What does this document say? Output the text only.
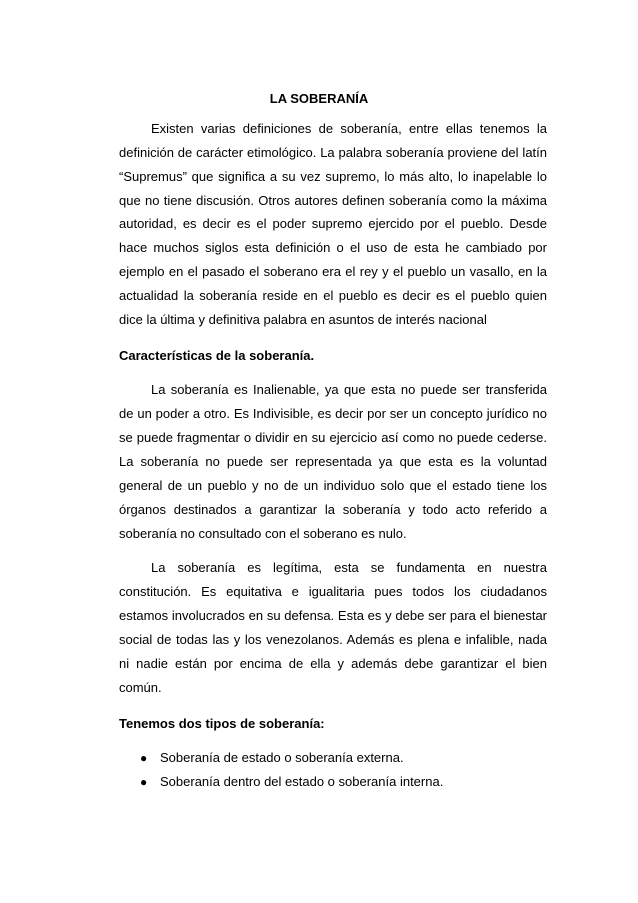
LA SOBERANÍA
Existen varias definiciones de soberanía, entre ellas tenemos la
definición de carácter etimológico. La palabra soberanía proviene del latín
“Supremus” que significa a su vez supremo, lo más alto, lo inapelable lo
que no tiene discusión. Otros autores definen soberanía como la máxima
autoridad, es decir es el poder supremo ejercido por el pueblo. Desde
hace muchos siglos esta definición o el uso de esta he cambiado por
ejemplo en el pasado el soberano era el rey y el pueblo un vasallo, en la
actualidad la soberanía reside en el pueblo es decir es el pueblo quien
dice la última y definitiva palabra en asuntos de interés nacional
Características de la soberanía.
La soberanía es Inalienable, ya que esta no puede ser transferida
de un poder a otro. Es Indivisible, es decir por ser un concepto jurídico no
se puede fragmentar o dividir en su ejercicio así como no puede cederse.
La soberanía no puede ser representada ya que esta es la voluntad
general de un pueblo y no de un individuo solo que el estado tiene los
órganos destinados a garantizar la soberanía y todo acto referido a
soberanía no consultado con el soberano es nulo.
La soberanía es legítima, esta se fundamenta en nuestra
constitución. Es equitativa e igualitaria pues todos los ciudadanos
estamos involucrados en su defensa. Esta es y debe ser para el bienestar
social de todas las y los venezolanos. Además es plena e infalible, nada
ni nadie están por encima de ella y además debe garantizar el bien
común.
Tenemos dos tipos de soberanía:
● Soberanía de estado o soberanía externa.
● Soberanía dentro del estado o soberanía interna.
